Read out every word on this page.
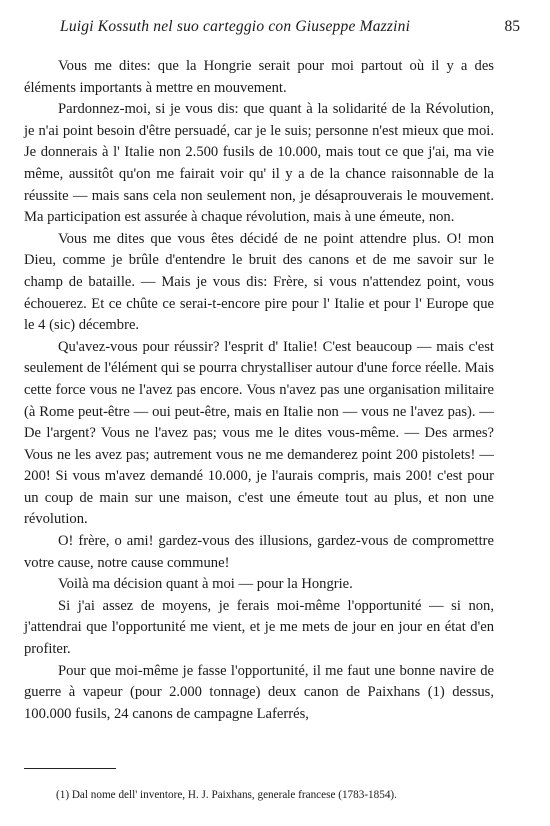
Luigi Kossuth nel suo carteggio con Giuseppe Mazzini	85

Vous me dites: que la Hongrie serait pour moi partout où il y a des éléments importants à mettre en mouvement.

Pardonnez-moi, si je vous dis: que quant à la solidarité de la Révolution, je n'ai point besoin d'être persuadé, car je le suis; personne n'est mieux que moi. Je donnerais à l' Italie non 2.500 fusils de 10.000, mais tout ce que j'ai, ma vie même, aussitôt qu'on me fairait voir qu' il y a de la chance raisonnable de la réussite — mais sans cela non seulement non, je désaprouverais le mouvement. Ma participation est assurée à chaque révolution, mais à une émeute, non.

Vous me dites que vous êtes décidé de ne point attendre plus. O! mon Dieu, comme je brûle d'entendre le bruit des canons et de me savoir sur le champ de bataille. — Mais je vous dis: Frère, si vous n'attendez point, vous échouerez. Et ce chûte ce serai-t-encore pire pour l' Italie et pour l' Europe que le 4 (sic) décembre.

Qu'avez-vous pour réussir? l'esprit d' Italie! C'est beaucoup — mais c'est seulement de l'élément qui se pourra chrystalliser autour d'une force réelle. Mais cette force vous ne l'avez pas encore. Vous n'avez pas une organisation militaire (à Rome peut-être — oui peut-être, mais en Italie non — vous ne l'avez pas). — De l'argent? Vous ne l'avez pas; vous me le dites vous-même. — Des armes? Vous ne les avez pas; autrement vous ne me demanderez point 200 pistolets! — 200! Si vous m'avez demandé 10.000, je l'aurais compris, mais 200! c'est pour un coup de main sur une maison, c'est une émeute tout au plus, et non une révolution.

O! frère, o ami! gardez-vous des illusions, gardez-vous de compromettre votre cause, notre cause commune!

Voilà ma décision quant à moi — pour la Hongrie.

Si j'ai assez de moyens, je ferais moi-même l'opportunité — si non, j'attendrai que l'opportunité me vient, et je me mets de jour en jour en état d'en profiter.

Pour que moi-même je fasse l'opportunité, il me faut une bonne navire de guerre à vapeur (pour 2.000 tonnage) deux canon de Paixhans (1) dessus, 100.000 fusils, 24 canons de campagne Laferrés,

(1) Dal nome dell' inventore, H. J. Paixhans, generale francese (1783-1854).
